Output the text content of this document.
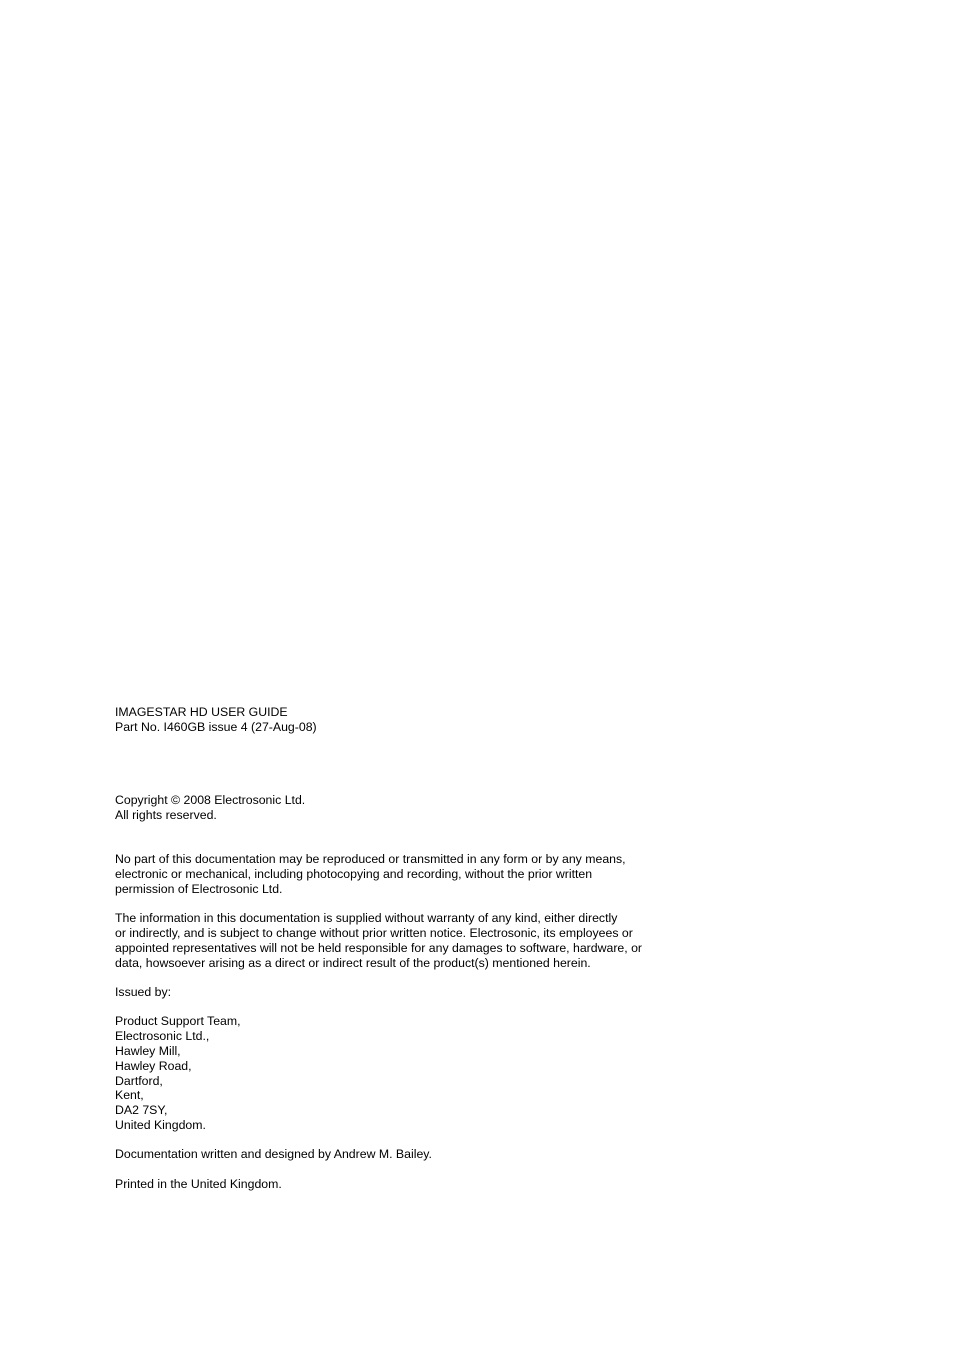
IMAGESTAR HD USER GUIDE
Part No. I460GB issue 4 (27-Aug-08)
Copyright © 2008 Electrosonic Ltd.
All rights reserved.
No part of this documentation may be reproduced or transmitted in any form or by any means,
electronic or mechanical, including photocopying and recording, without the prior written
permission of Electrosonic Ltd.
The information in this documentation is supplied without warranty of any kind, either directly
or indirectly, and is subject to change without prior written notice. Electrosonic, its employees or
appointed representatives will not be held responsible for any damages to software, hardware, or
data, howsoever arising as a direct or indirect result of the product(s) mentioned herein.
Issued by:
Product Support Team,
Electrosonic Ltd.,
Hawley Mill,
Hawley Road,
Dartford,
Kent,
DA2 7SY,
United Kingdom.
Documentation written and designed by Andrew M. Bailey.
Printed in the United Kingdom.
